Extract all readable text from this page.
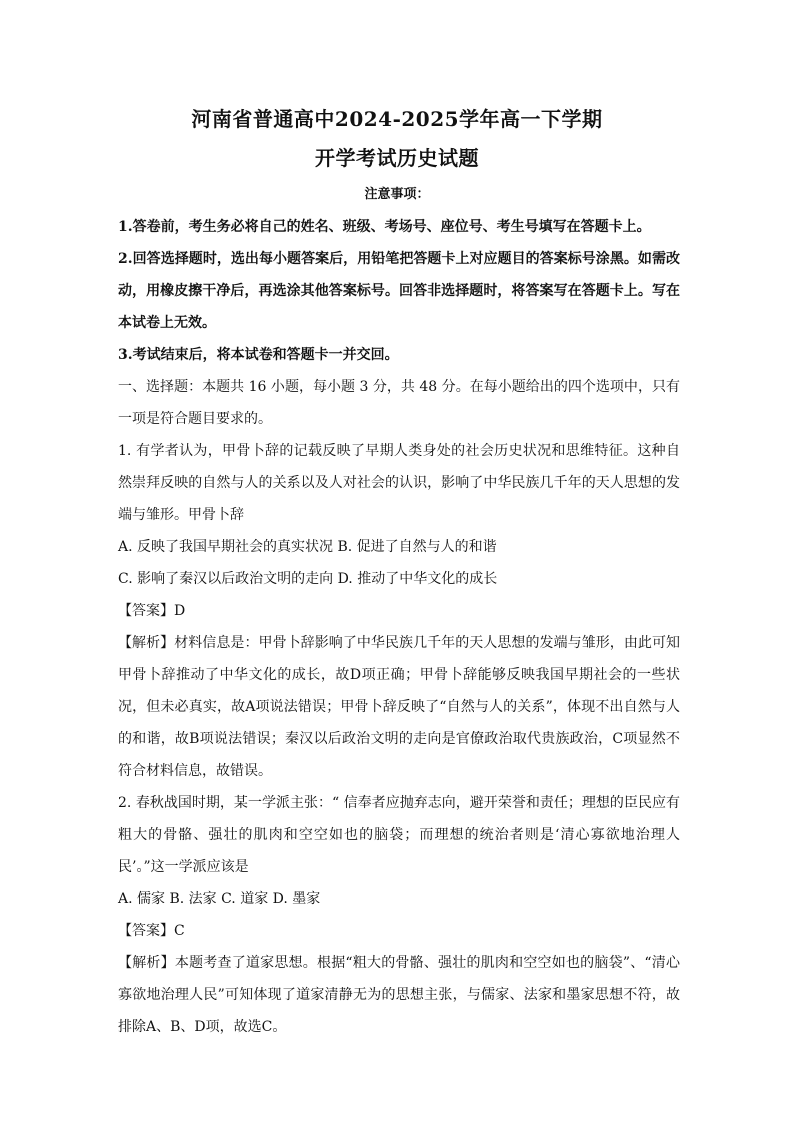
河南省普通高中2024-2025学年高一下学期
开学考试历史试题
注意事项：

1.答卷前，考生务必将自己的姓名、班级、考场号、座位号、考生号填写在答题卡上。

2.回答选择题时，选出每小题答案后，用铅笔把答题卡上对应题目的答案标号涂黑。如需改动，用橡皮擦干净后，再选涂其他答案标号。回答非选择题时，将答案写在答题卡上。写在本试卷上无效。

3.考试结束后，将本试卷和答题卡一并交回。

一、选择题：本题共 16 小题，每小题 3 分，共 48 分。在每小题给出的四个选项中，只有一项是符合题目要求的。

1. 有学者认为，甲骨卜辞的记载反映了早期人类身处的社会历史状况和思维特征。这种自然崇拜反映的自然与人的关系以及人对社会的认识，影响了中华民族几千年的天人思想的发端与雏形。甲骨卜辞

A. 反映了我国早期社会的真实状况 B. 促进了自然与人的和谐

C. 影响了秦汉以后政治文明的走向 D. 推动了中华文化的成长

【答案】D

【解析】材料信息是：甲骨卜辞影响了中华民族几千年的天人思想的发端与雏形，由此可知甲骨卜辞推动了中华文化的成长，故D项正确；甲骨卜辞能够反映我国早期社会的一些状况，但未必真实，故A项说法错误；甲骨卜辞反映了“自然与人的关系”，体现不出自然与人的和谐，故B项说法错误；秦汉以后政治文明的走向是官僚政治取代贵族政治，C项显然不符合材料信息，故错误。

2. 春秋战国时期，某一学派主张：“ 信奉者应抛弃志向，避开荣誉和责任；理想的臣民应有粗大的骨骼、强壮的肌肉和空空如也的脑袋；而理想的统治者则是‘清心寡欲地治理人民’。”这一学派应该是

A. 儒家 B. 法家 C. 道家 D. 墨家

【答案】C

【解析】本题考查了道家思想。根据“粗大的骨骼、强壮的肌肉和空空如也的脑袋”、“清心寡欲地治理人民”可知体现了道家清静无为的思想主张，与儒家、法家和墨家思想不符，故排除A、B、D项，故选C。
